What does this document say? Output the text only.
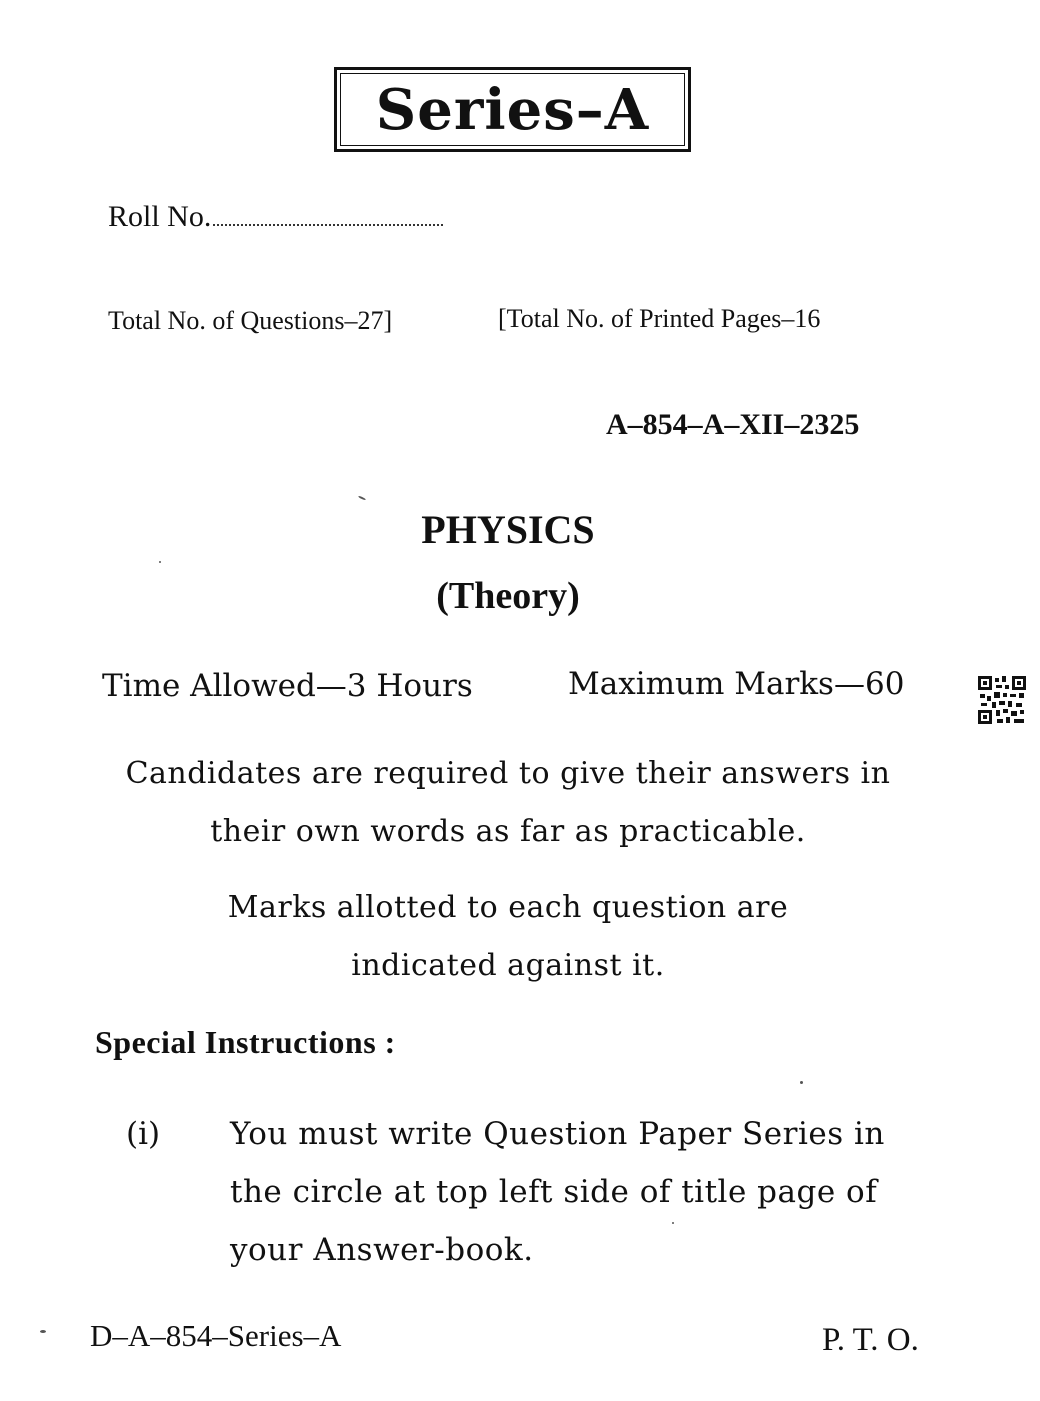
Series–A
Roll No.
Total No. of Questions–27]	[Total No. of Printed Pages–16
A–854–A–XII–2325
PHYSICS
(Theory)
Time Allowed—3 Hours	Maximum Marks—60
Candidates are required to give their answers in
their own words as far as practicable.
Marks allotted to each question are
indicated against it.
Special Instructions :
(i) You must write Question Paper Series in
the circle at top left side of title page of
your Answer-book.
D–A–854–Series–A	P. T. O.
